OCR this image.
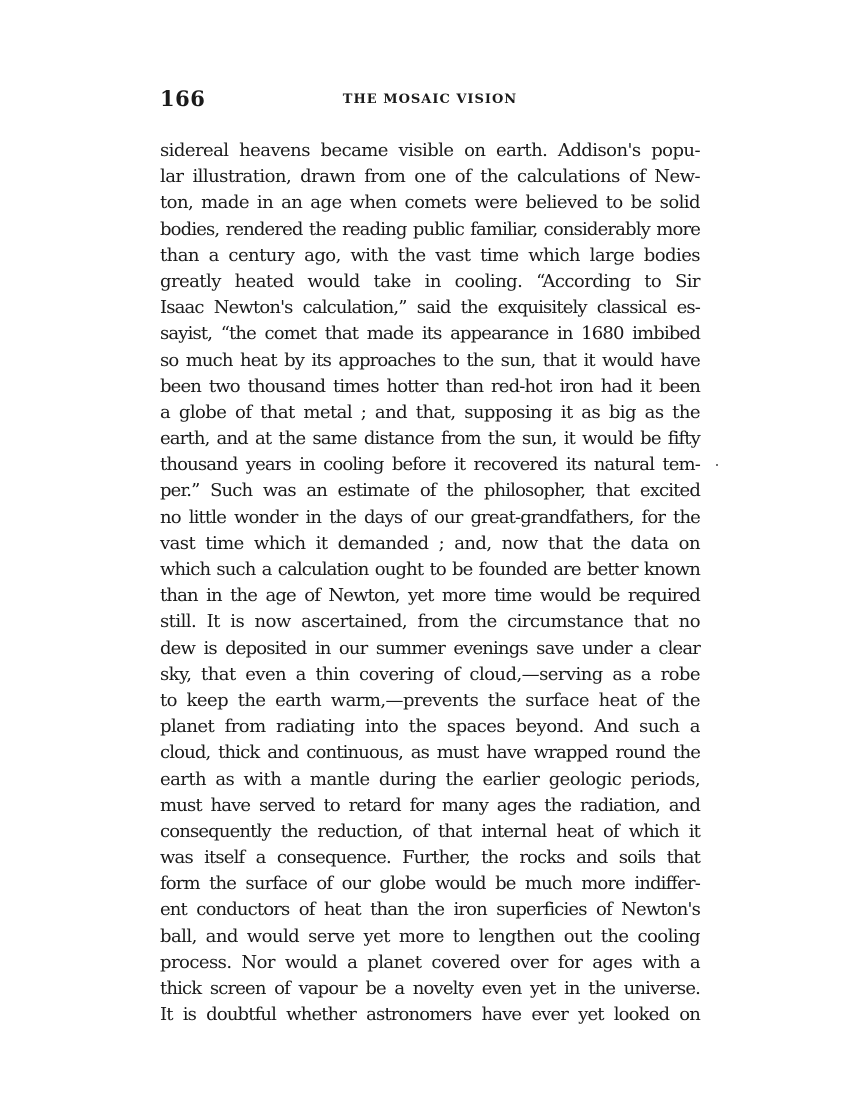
166	THE MOSAIC VISION
sidereal heavens became visible on earth. Addison's popu-
lar illustration, drawn from one of the calculations of New-
ton, made in an age when comets were believed to be solid
bodies, rendered the reading public familiar, considerably more
than a century ago, with the vast time which large bodies
greatly heated would take in cooling. “According to Sir
Isaac Newton's calculation,” said the exquisitely classical es-
sayist, “the comet that made its appearance in 1680 imbibed
so much heat by its approaches to the sun, that it would have
been two thousand times hotter than red-hot iron had it been
a globe of that metal ; and that, supposing it as big as the
earth, and at the same distance from the sun, it would be fifty
thousand years in cooling before it recovered its natural tem-
per.” Such was an estimate of the philosopher, that excited
no little wonder in the days of our great-grandfathers, for the
vast time which it demanded ; and, now that the data on
which such a calculation ought to be founded are better known
than in the age of Newton, yet more time would be required
still. It is now ascertained, from the circumstance that no
dew is deposited in our summer evenings save under a clear
sky, that even a thin covering of cloud,—serving as a robe
to keep the earth warm,—prevents the surface heat of the
planet from radiating into the spaces beyond. And such a
cloud, thick and continuous, as must have wrapped round the
earth as with a mantle during the earlier geologic periods,
must have served to retard for many ages the radiation, and
consequently the reduction, of that internal heat of which it
was itself a consequence. Further, the rocks and soils that
form the surface of our globe would be much more indiffer-
ent conductors of heat than the iron superficies of Newton's
ball, and would serve yet more to lengthen out the cooling
process. Nor would a planet covered over for ages with a
thick screen of vapour be a novelty even yet in the universe.
It is doubtful whether astronomers have ever yet looked on
